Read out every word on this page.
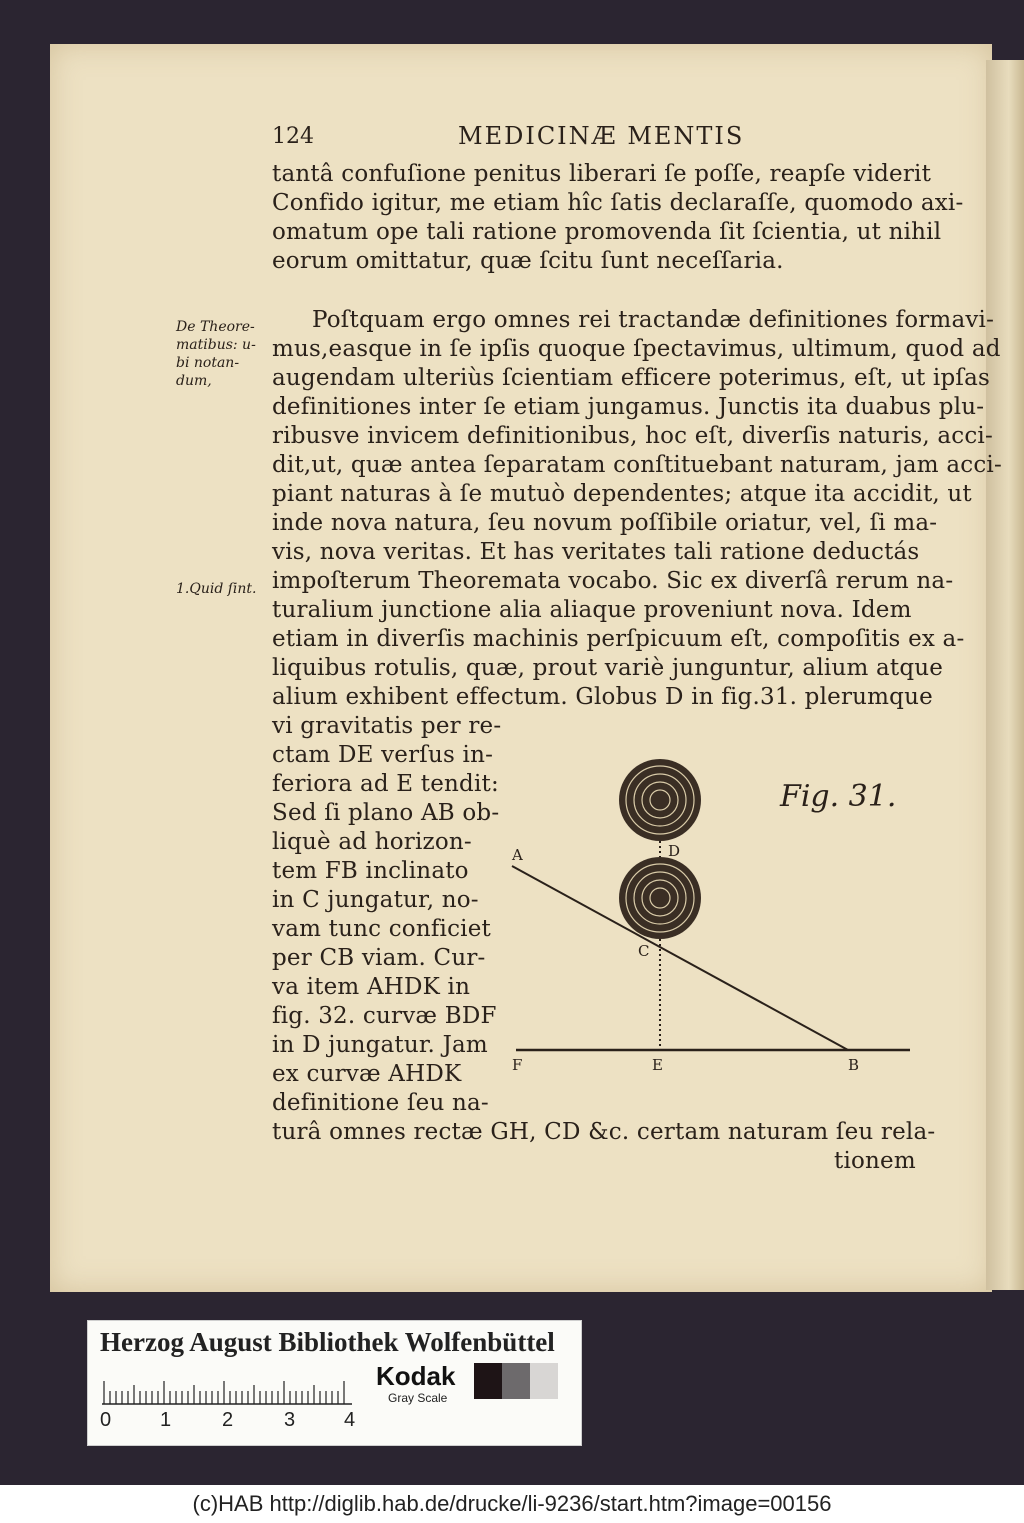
124	MEDICINÆ MENTIS
tantâ confuſione penitus liberari ſe poſſe, reapſe viderit
Confido igitur, me etiam hîc ſatis declaraſſe, quomodo axi-
omatum ope tali ratione promovenda ſit ſcientia, ut nihil
eorum omittatur, quæ ſcitu ſunt neceſſaria.
Poſtquam ergo omnes rei tractandæ definitiones formavi-
mus,easque in ſe ipſis quoque ſpectavimus, ultimum, quod ad
augendam ulteriùs ſcientiam efficere poterimus, eſt, ut ipſas
definitiones inter ſe etiam jungamus. Junctis ita duabus plu-
ribusve invicem definitionibus, hoc eſt, diverſis naturis, acci-
dit,ut, quæ antea ſeparatam conſtituebant naturam, jam acci-
piant naturas à ſe mutuò dependentes; atque ita accidit, ut
inde nova natura, ſeu novum poſſibile oriatur, vel, ſi ma-
vis, nova veritas. Et has veritates tali ratione deductás
impoſterum Theoremata vocabo. Sic ex diverſâ rerum na-
turalium junctione alia aliaque proveniunt nova. Idem
etiam in diverſis machinis perſpicuum eſt, compoſitis ex a-
liquibus rotulis, quæ, prout variè junguntur, alium atque
alium exhibent effectum. Globus D in fig.31. plerumque
vi gravitatis per re-
ctam DE verſus in-
feriora ad E tendit:
Sed ſi plano AB ob-
liquè ad horizon-
tem FB inclinato
in C jungatur, no-
vam tunc conficiet
per CB viam. Cur-
va item AHDK in
fig. 32. curvæ BDF
in D jungatur. Jam
ex curvæ AHDK
definitione ſeu na-
turâ omnes rectæ GH, CD &c. certam naturam ſeu rela-
tionem
De Theore-
matibus: u-
bi notan-
dum,
1.Quid ſint.
Fig. 31.
A	D
C
F	E	B
Herzog August Bibliothek Wolfenbüttel
0 1	2	3 4
Kodak
Gray Scale
(c)HAB http://diglib.hab.de/drucke/li-9236/start.htm?image=00156
